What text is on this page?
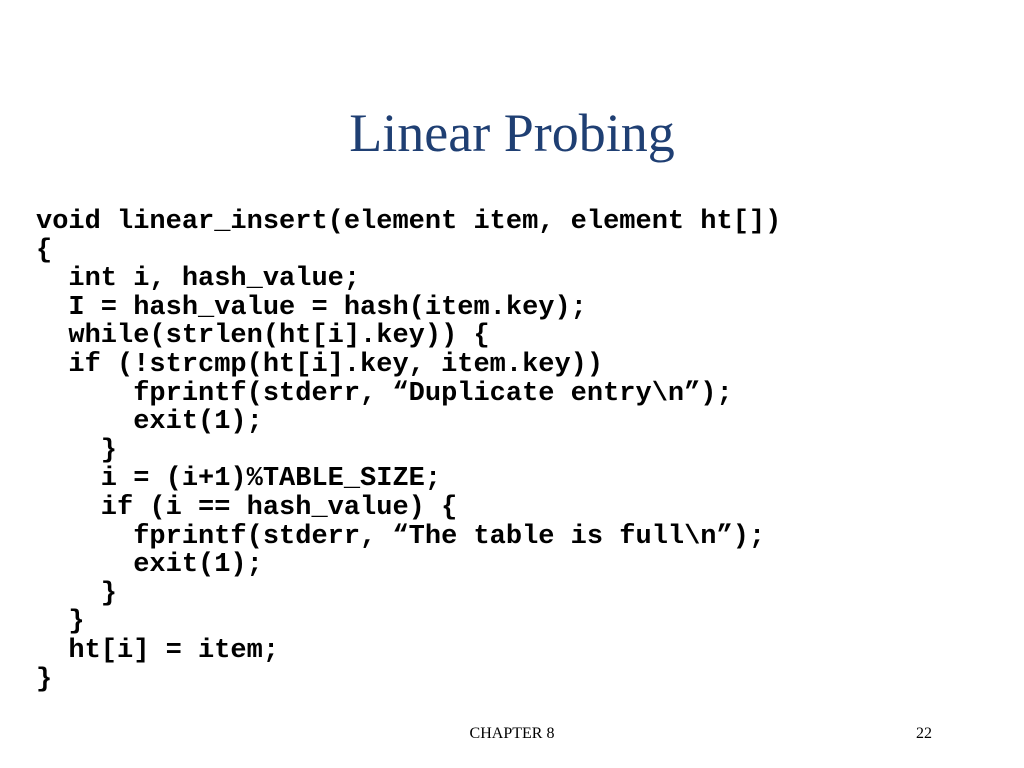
Linear Probing
void linear_insert(element item, element ht[])
{
int i, hash_value;
I = hash_value = hash(item.key);
while(strlen(ht[i].key)) {
if (!strcmp(ht[i].key, item.key))
fprintf(stderr, “Duplicate entry\n”);
exit(1);
}
i = (i+1)%TABLE_SIZE;
if (i == hash_value) {
fprintf(stderr, “The table is full\n”);
exit(1);
}
}
ht[i] = item;
}
CHAPTER 8	22
